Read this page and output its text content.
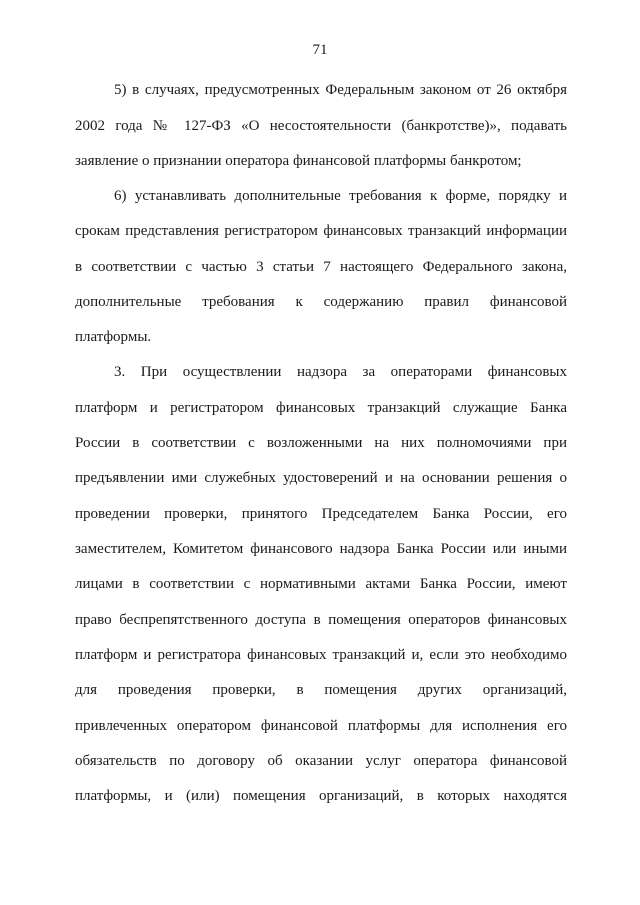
71
5) в случаях, предусмотренных Федеральным законом от 26 октября
2002 года № 127-ФЗ «О несостоятельности (банкротстве)», подавать
заявление о признании оператора финансовой платформы банкротом;
6) устанавливать дополнительные требования к форме, порядку и
срокам представления регистратором финансовых транзакций информации
в соответствии с частью 3 статьи 7 настоящего Федерального закона,
дополнительные требования к содержанию правил финансовой
платформы.
3. При осуществлении надзора за операторами финансовых
платформ и регистратором финансовых транзакций служащие Банка
России в соответствии с возложенными на них полномочиями при
предъявлении ими служебных удостоверений и на основании решения о
проведении проверки, принятого Председателем Банка России, его
заместителем, Комитетом финансового надзора Банка России или иными
лицами в соответствии с нормативными актами Банка России, имеют
право беспрепятственного доступа в помещения операторов финансовых
платформ и регистратора финансовых транзакций и, если это необходимо
для проведения проверки, в помещения других организаций,
привлеченных оператором финансовой платформы для исполнения его
обязательств по договору об оказании услуг оператора финансовой
платформы, и (или) помещения организаций, в которых находятся
